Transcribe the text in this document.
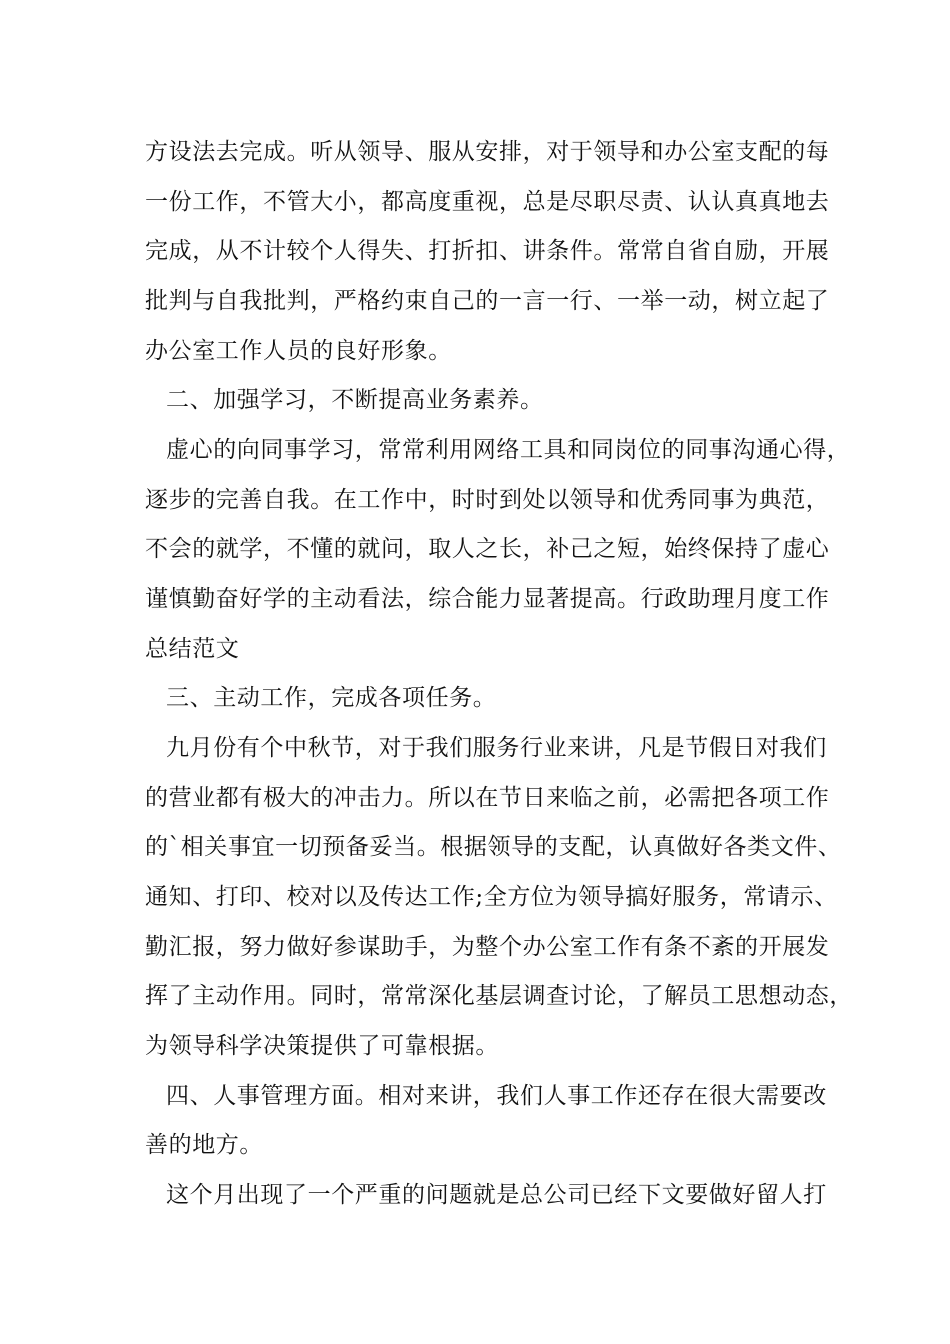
方设法去完成。听从领导、服从安排，对于领导和办公室支配的每
一份工作，不管大小，都高度重视，总是尽职尽责、认认真真地去
完成，从不计较个人得失、打折扣、讲条件。常常自省自励，开展
批判与自我批判，严格约束自己的一言一行、一举一动，树立起了
办公室工作人员的良好形象。
二、加强学习，不断提高业务素养。
虚心的向同事学习，常常利用网络工具和同岗位的同事沟通心得，
逐步的完善自我。在工作中，时时到处以领导和优秀同事为典范，
不会的就学，不懂的就问，取人之长，补己之短，始终保持了虚心
谨慎勤奋好学的主动看法，综合能力显著提高。行政助理月度工作
总结范文
三、主动工作，完成各项任务。
九月份有个中秋节，对于我们服务行业来讲，凡是节假日对我们
的营业都有极大的冲击力。所以在节日来临之前，必需把各项工作
的`相关事宜一切预备妥当。根据领导的支配，认真做好各类文件、
通知、打印、校对以及传达工作;全方位为领导搞好服务，常请示、
勤汇报，努力做好参谋助手，为整个办公室工作有条不紊的开展发
挥了主动作用。同时，常常深化基层调查讨论，了解员工思想动态，
为领导科学决策提供了可靠根据。
四、人事管理方面。相对来讲，我们人事工作还存在很大需要改
善的地方。
这个月出现了一个严重的问题就是总公司已经下文要做好留人打
